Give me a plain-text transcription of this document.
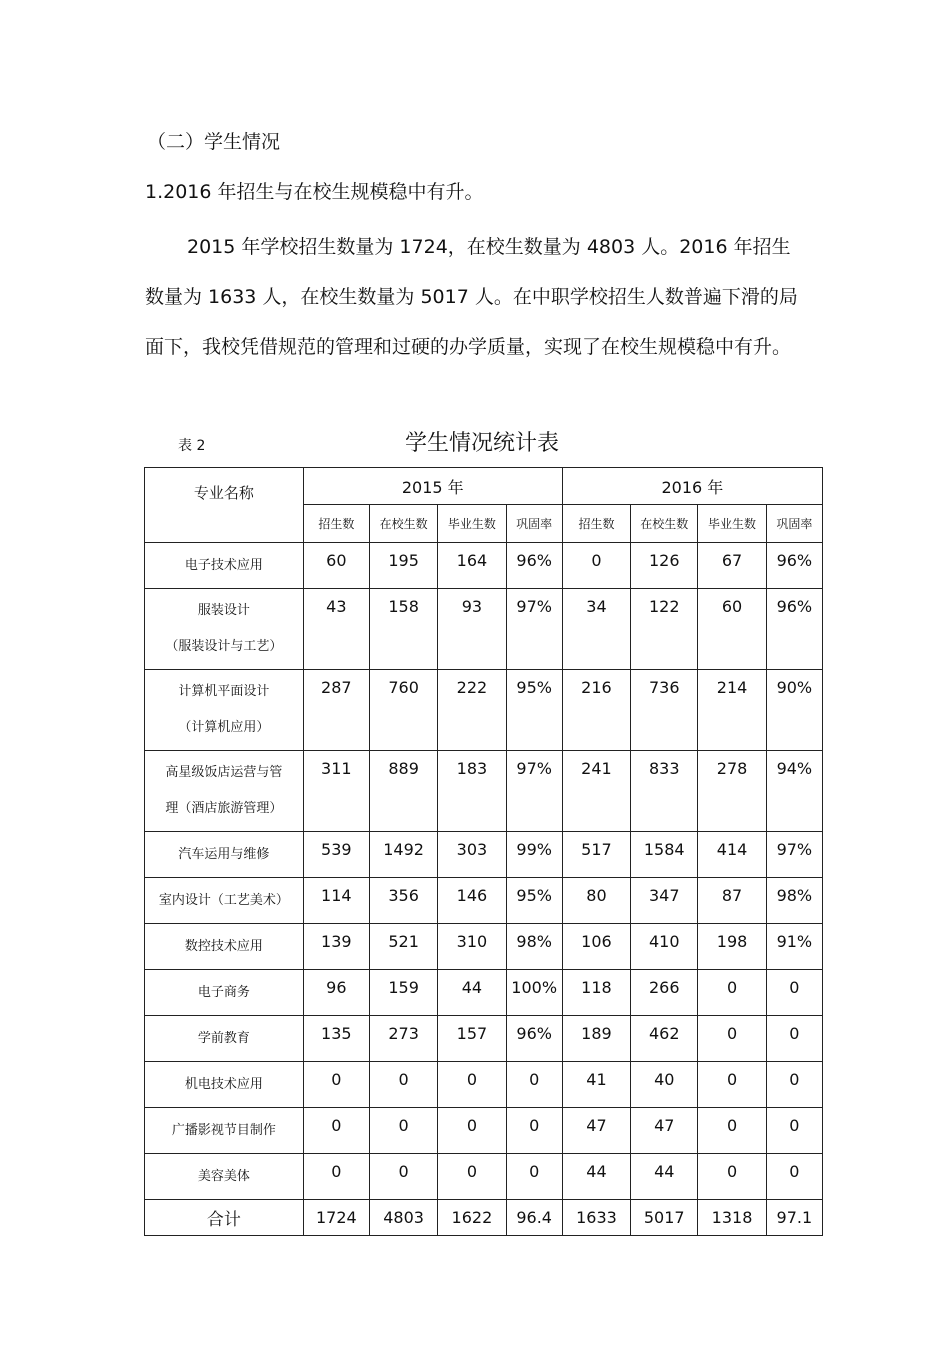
（二）学生情况
1.2016 年招生与在校生规模稳中有升。

2015 年学校招生数量为 1724，在校生数量为 4803 人。2016 年招生数量为 1633 人，在校生数量为 5017 人。在中职学校招生人数普遍下滑的局面下，我校凭借规范的管理和过硬的办学质量，实现了在校生规模稳中有升。

表 2	学生情况统计表
专业名称	2015 年				2016 年			
	招生数	在校生数	毕业生数	巩固率	招生数	在校生数	毕业生数	巩固率

电子技术应用	60	195	164	96%	0	126	67	96%

服装设计
（服装设计与工艺）	43	158	93	97%	34	122	60	96%

计算机平面设计
（计算机应用）	287	760	222	95%	216	736	214	90%

高星级饭店运营与管
理（酒店旅游管理）	311	889	183	97%	241	833	278	94%

汽车运用与维修	539	1492	303	99%	517	1584	414	97%

室内设计（工艺美术）	114	356	146	95%	80	347	87	98%

数控技术应用	139	521	310	98%	106	410	198	91%

电子商务	96	159	44	100%	118	266	0	0

学前教育	135	273	157	96%	189	462	0	0

机电技术应用	0	0	0	0	41	40	0	0

广播影视节目制作	0	0	0	0	47	47	0	0

美容美体	0	0	0	0	44	44	0	0
合计	1724	4803	1622	96.4	1633	5017	1318	97.1
